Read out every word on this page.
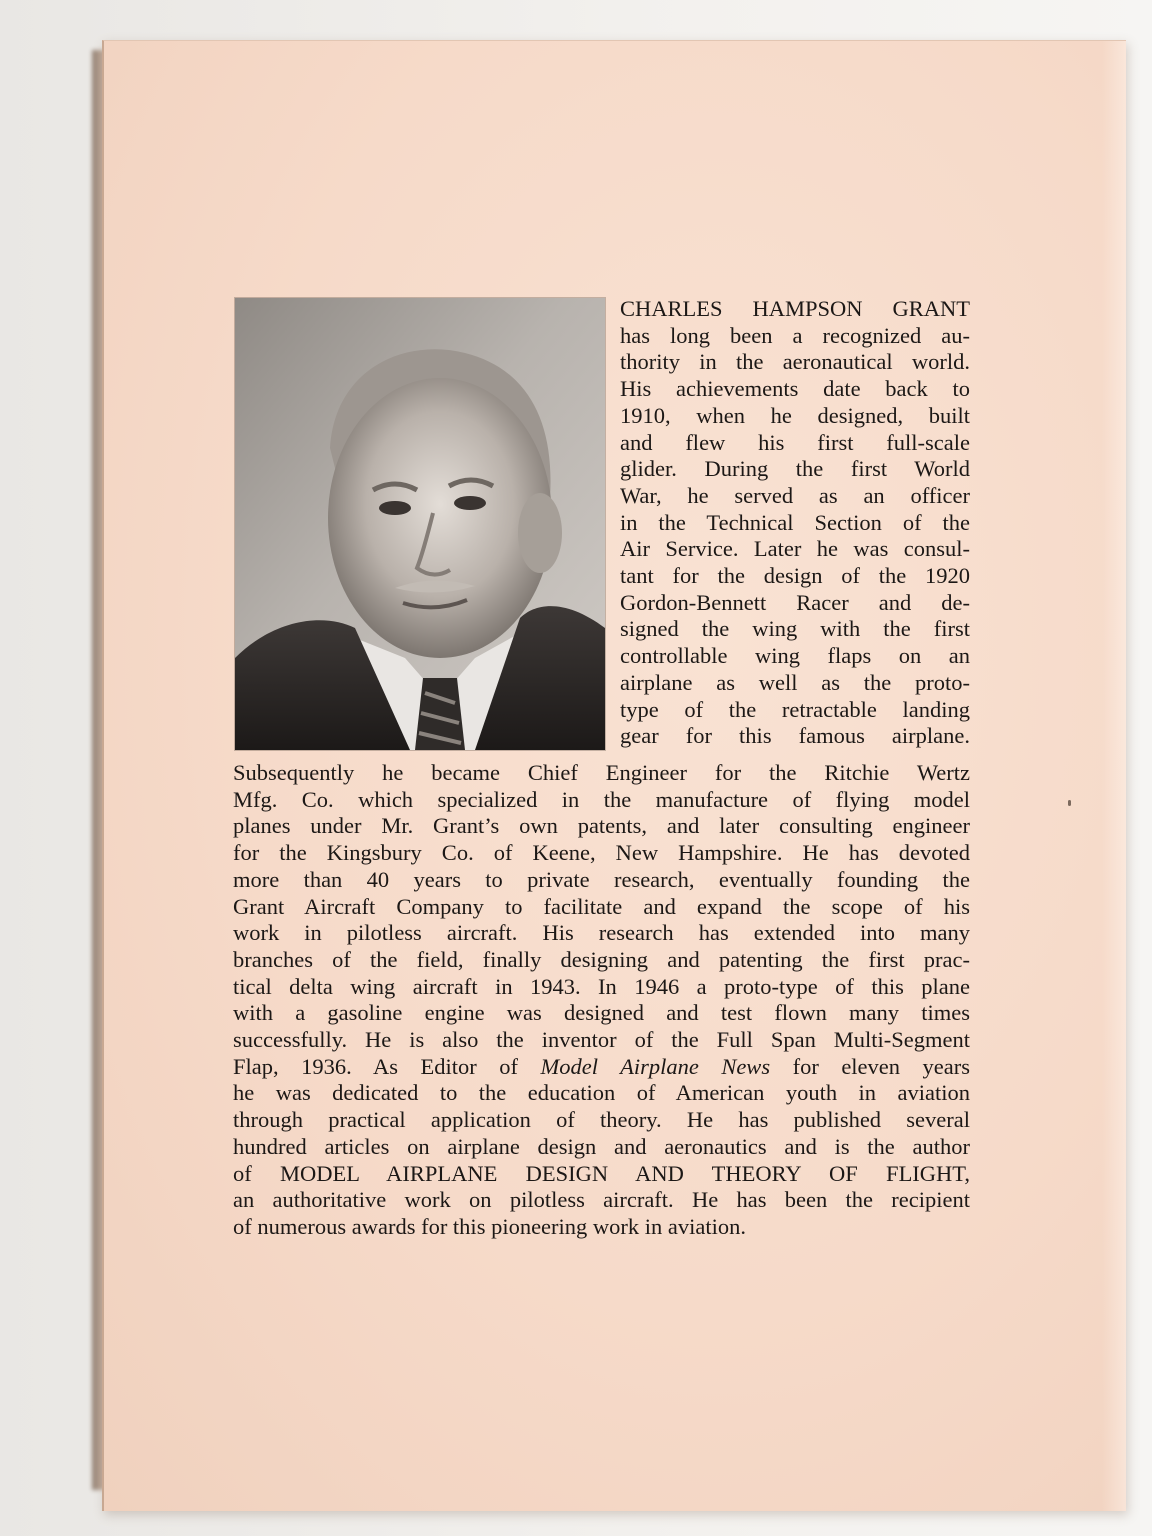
CHARLES HAMPSON GRANT
has long been a recognized au-
thority in the aeronautical world.
His achievements date back to
1910, when he designed, built
and flew his first full-scale
glider. During the first World
War, he served as an officer
in the Technical Section of the
Air Service. Later he was consul-
tant for the design of the 1920
Gordon-Bennett Racer and de-
signed the wing with the first
controllable wing flaps on an
airplane as well as the proto-
type of the retractable landing
gear for this famous airplane.
Subsequently he became Chief Engineer for the Ritchie Wertz
Mfg. Co. which specialized in the manufacture of flying model
planes under Mr. Grant’s own patents, and later consulting engineer
for the Kingsbury Co. of Keene, New Hampshire. He has devoted
more than 40 years to private research, eventually founding the
Grant Aircraft Company to facilitate and expand the scope of his
work in pilotless aircraft. His research has extended into many
branches of the field, finally designing and patenting the first prac-
tical delta wing aircraft in 1943. In 1946 a proto-type of this plane
with a gasoline engine was designed and test flown many times
successfully. He is also the inventor of the Full Span Multi-Segment
Flap, 1936. As Editor of Model Airplane News for eleven years
he was dedicated to the education of American youth in aviation
through practical application of theory. He has published several
hundred articles on airplane design and aeronautics and is the author
of MODEL AIRPLANE DESIGN AND THEORY OF FLIGHT,
an authoritative work on pilotless aircraft. He has been the recipient
of numerous awards for this pioneering work in aviation.
